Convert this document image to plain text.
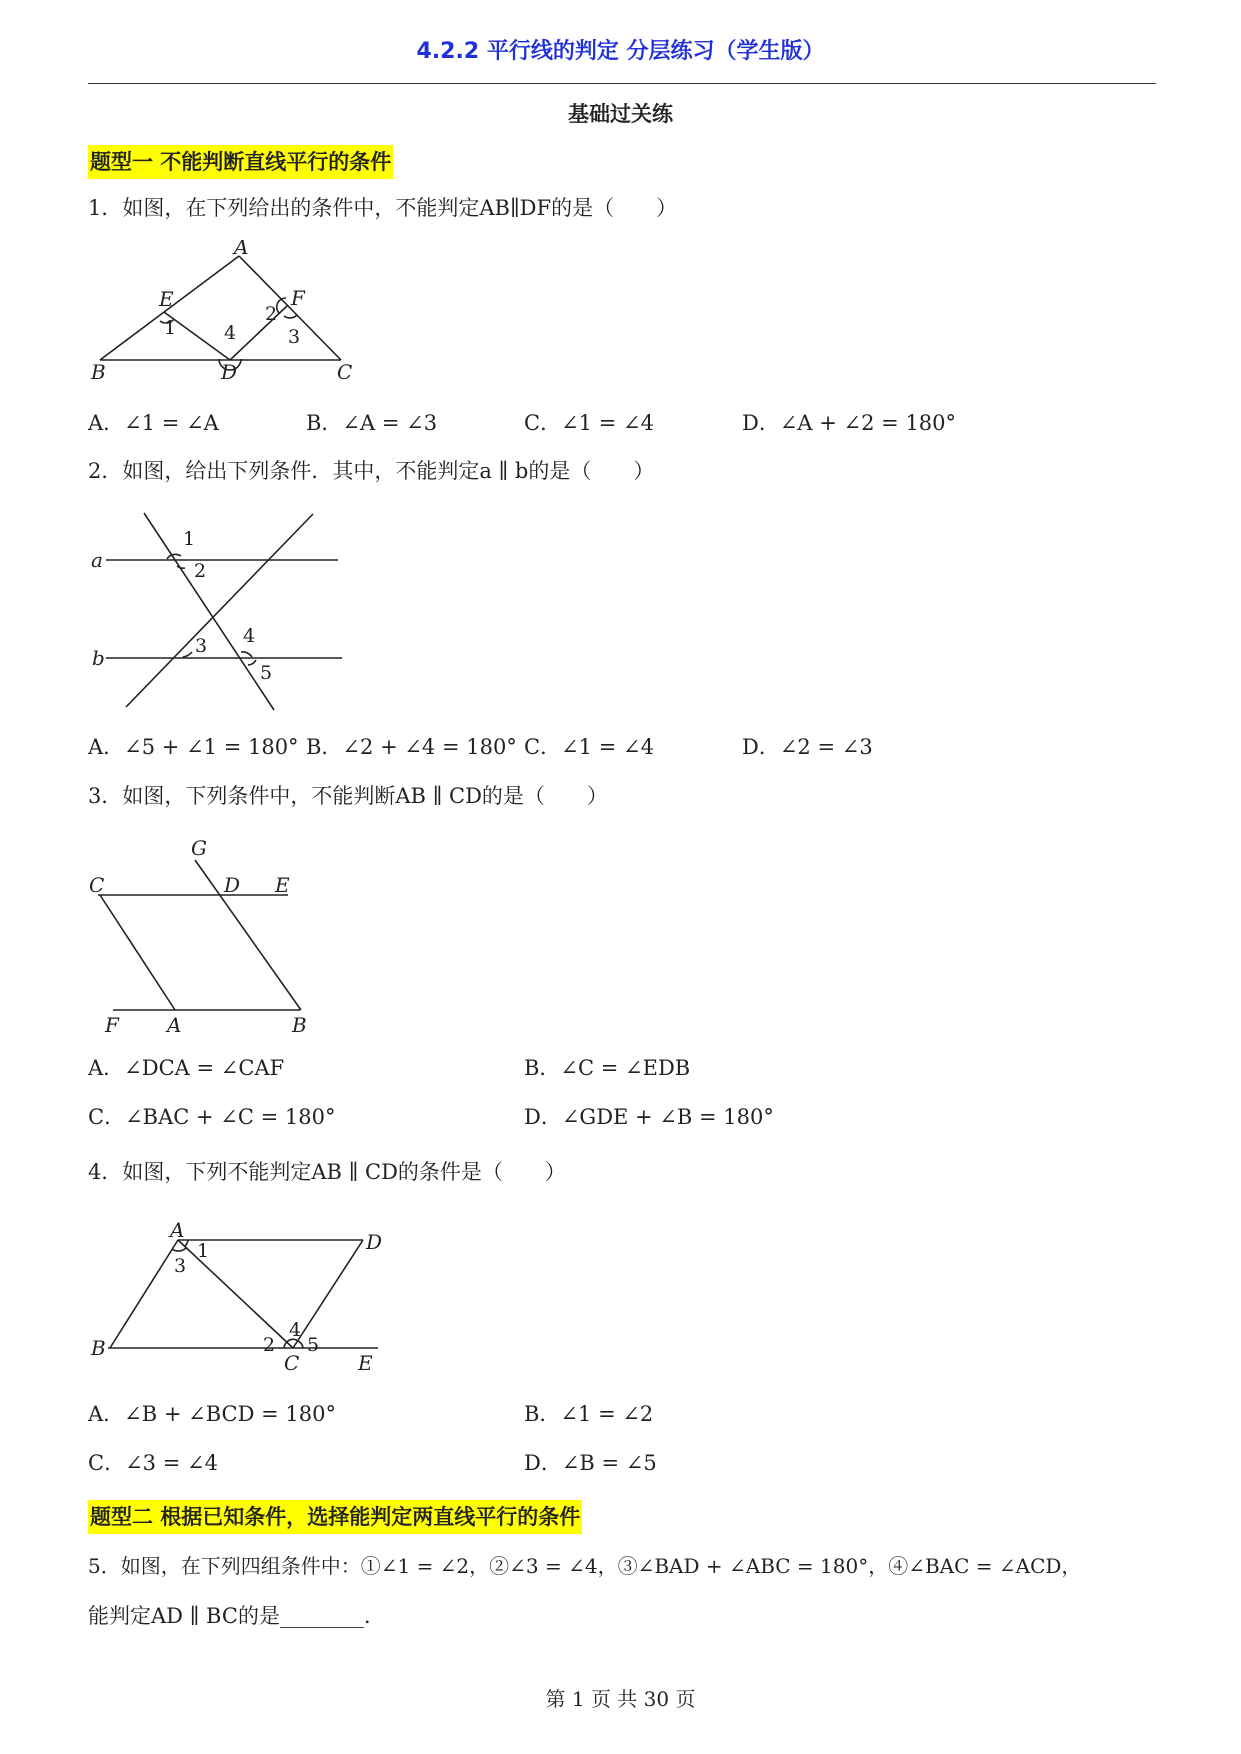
4.2.2 平行线的判定 分层练习（学生版）
基础过关练
题型一 不能判断直线平行的条件
1．如图，在下列给出的条件中，不能判定AB∥DF的是（　　）
A
B	C
D
E	F
1
2
3
4
A．∠1 = ∠A	B．∠A = ∠3	C．∠1 = ∠4	D．∠A + ∠2 = 180°
2．如图，给出下列条件．其中，不能判定a ∥ b的是（　　）
a
b
1
2
3 4
5
A．∠5 + ∠1 = 180° B．∠2 + ∠4 = 180° C．∠1 = ∠4	D．∠2 = ∠3
3．如图，下列条件中，不能判断AB ∥ CD的是（　　）
G
C	D E
F A	B
A．∠DCA = ∠CAF	B．∠C = ∠EDB
C．∠BAC + ∠C = 180°	D．∠GDE + ∠B = 180°
4．如图，下列不能判定AB ∥ CD的条件是（　　）
A	D
B
C	E
1
2
3
4
5
A．∠B + ∠BCD = 180°	B．∠1 = ∠2
C．∠3 = ∠4	D．∠B = ∠5
题型二 根据已知条件，选择能判定两直线平行的条件
5．如图，在下列四组条件中：①∠1 = ∠2，②∠3 = ∠4，③∠BAD + ∠ABC = 180°，④∠BAC = ∠ACD，
能判定AD ∥ BC的是________．
第 1 页 共 30 页
